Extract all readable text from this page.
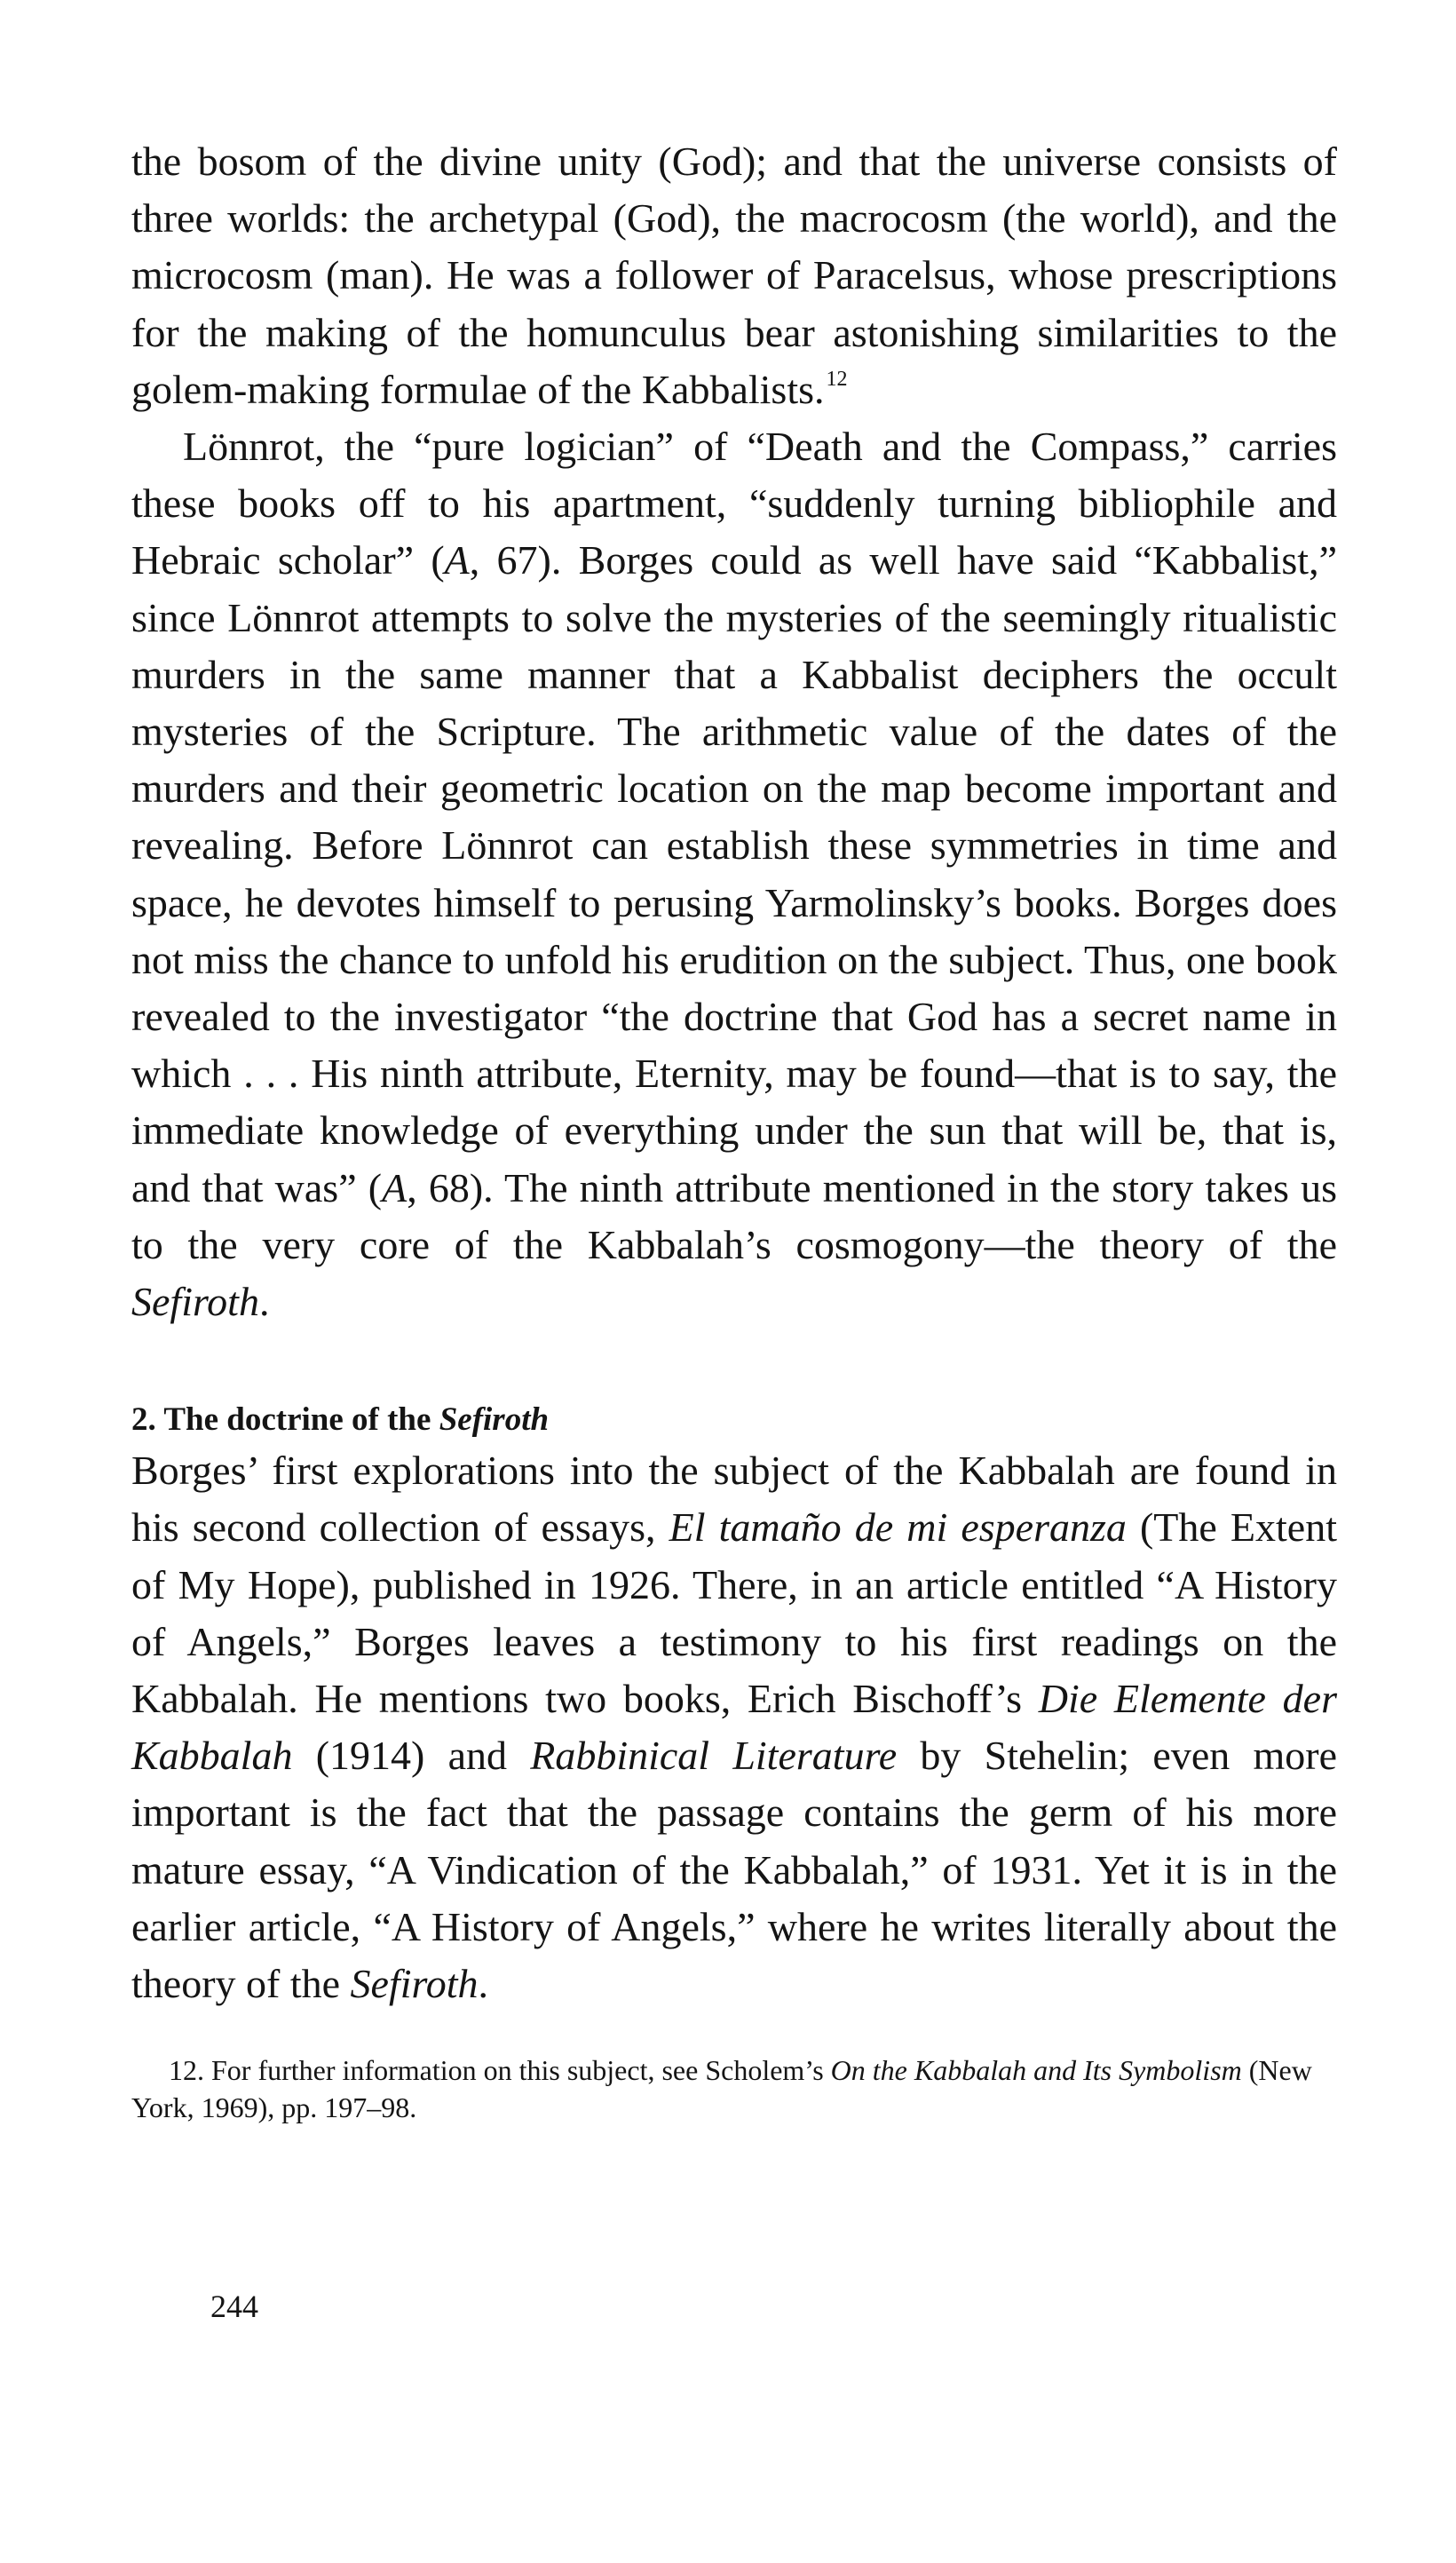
the bosom of the divine unity (God); and that the universe consists of three worlds: the archetypal (God), the macrocosm (the world), and the microcosm (man). He was a follower of Paracelsus, whose prescriptions for the making of the homunculus bear astonishing similarities to the golem-making formulae of the Kabbalists.$^{12}$

Lönnrot, the “pure logician” of “Death and the Compass,” carries these books off to his apartment, “suddenly turning bibliophile and Hebraic scholar” (A, 67). Borges could as well have said “Kabbalist,” since Lönnrot attempts to solve the mysteries of the seemingly ritualistic murders in the same manner that a Kabbalist deciphers the occult mysteries of the Scripture. The arithmetic value of the dates of the murders and their geometric location on the map become important and revealing. Before Lönnrot can establish these symmetries in time and space, he devotes himself to perusing Yarmolinsky’s books. Borges does not miss the chance to unfold his erudition on the subject. Thus, one book revealed to the investigator “the doctrine that God has a secret name in which . . . His ninth attribute, Eternity, may be found—that is to say, the immediate knowledge of everything under the sun that will be, that is, and that was” (A, 68). The ninth attribute mentioned in the story takes us to the very core of the Kabbalah’s cosmogony—the theory of the Sefiroth.

2. The doctrine of the Sefiroth

Borges’ first explorations into the subject of the Kabbalah are found in his second collection of essays, El tamaño de mi esperanza (The Extent of My Hope), published in 1926. There, in an article entitled “A History of Angels,” Borges leaves a testimony to his first readings on the Kabbalah. He mentions two books, Erich Bischoff’s Die Elemente der Kabbalah (1914) and Rabbinical Literature by Stehelin; even more important is the fact that the passage contains the germ of his more mature essay, “A Vindication of the Kabbalah,” of 1931. Yet it is in the earlier article, “A History of Angels,” where he writes literally about the theory of the Sefiroth.

12. For further information on this subject, see Scholem’s On the Kabbalah and Its Symbolism (New York, 1969), pp. 197–98.

244
